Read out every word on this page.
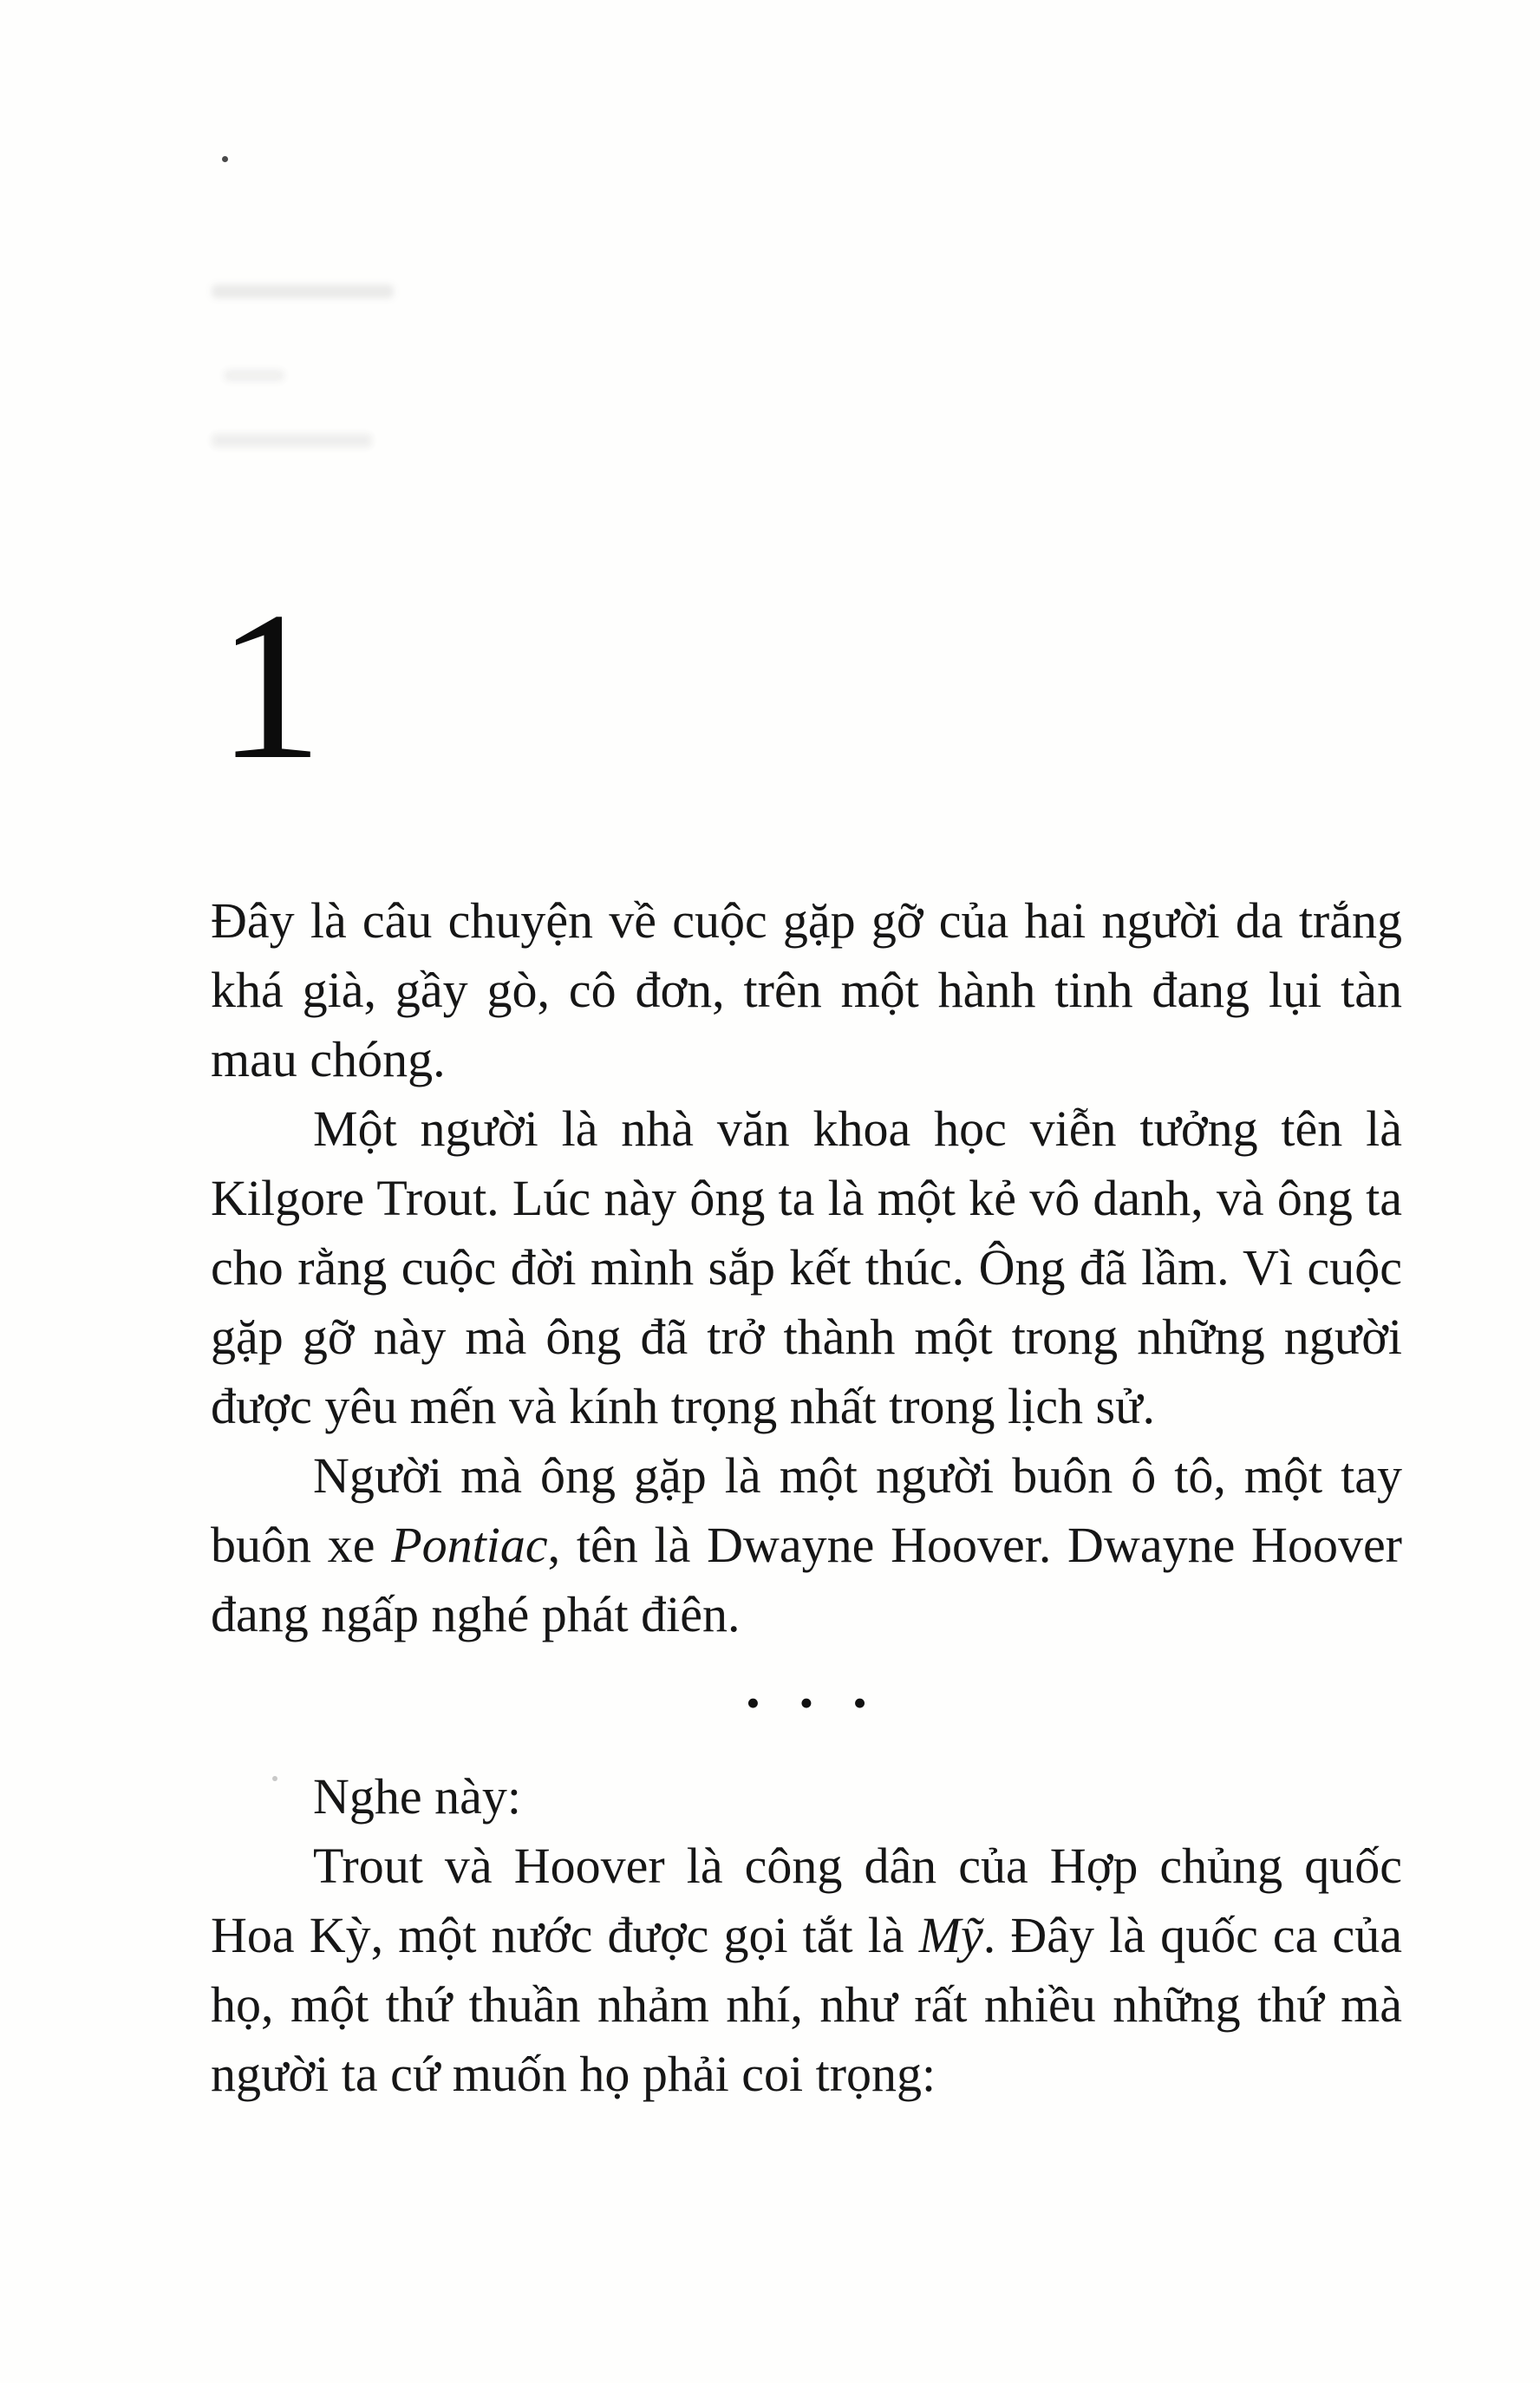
1

Đây là câu chuyện về cuộc gặp gỡ của hai người da trắng khá già, gầy gò, cô đơn, trên một hành tinh đang lụi tàn mau chóng.

Một người là nhà văn khoa học viễn tưởng tên là Kilgore Trout. Lúc này ông ta là một kẻ vô danh, và ông ta cho rằng cuộc đời mình sắp kết thúc. Ông đã lầm. Vì cuộc gặp gỡ này mà ông đã trở thành một trong những người được yêu mến và kính trọng nhất trong lịch sử.

Người mà ông gặp là một người buôn ô tô, một tay buôn xe Pontiac, tên là Dwayne Hoover. Dwayne Hoover đang ngấp nghé phát điên.

• • •

Nghe này:

Trout và Hoover là công dân của Hợp chủng quốc Hoa Kỳ, một nước được gọi tắt là Mỹ. Đây là quốc ca của họ, một thứ thuần nhảm nhí, như rất nhiều những thứ mà người ta cứ muốn họ phải coi trọng:
